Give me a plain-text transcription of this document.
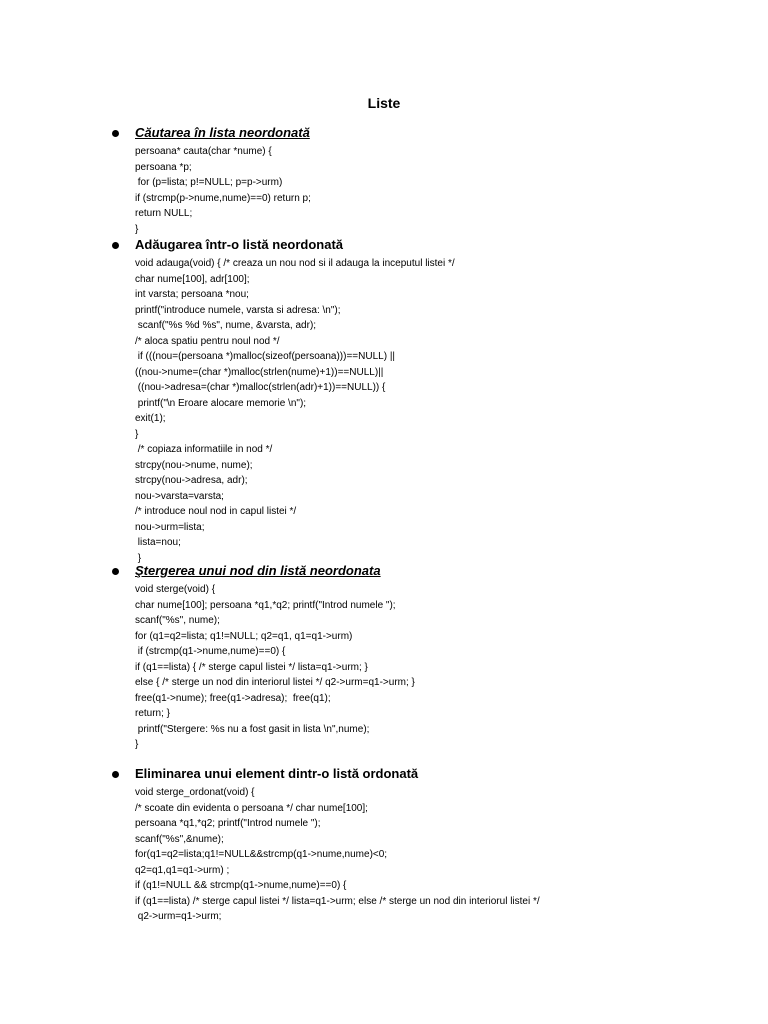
Liste
Căutarea în lista neordonată
persoana* cauta(char *nume) {
persoana *p;
for (p=lista; p!=NULL; p=p->urm)
if (strcmp(p->nume,nume)==0) return p;
return NULL;
}
Adăugarea într-o listă neordonată
void adauga(void) { /* creaza un nou nod si il adauga la inceputul listei */
char nume[100], adr[100];
int varsta; persoana *nou;
printf("introduce numele, varsta si adresa: \n");
scanf("%s %d %s", nume, &varsta, adr);
/* aloca spatiu pentru noul nod */
if (((nou=(persoana *)malloc(sizeof(persoana)))==NULL) ||
((nou->nume=(char *)malloc(strlen(nume)+1))==NULL)||
((nou->adresa=(char *)malloc(strlen(adr)+1))==NULL)) {
printf("\n Eroare alocare memorie \n");
exit(1);
}
/* copiaza informatiile in nod */
strcpy(nou->nume, nume);
strcpy(nou->adresa, adr);
nou->varsta=varsta;
/* introduce noul nod in capul listei */
nou->urm=lista;
lista=nou;
}
Ştergerea unui nod din listă neordonata
void sterge(void) {
char nume[100]; persoana *q1,*q2; printf("Introd numele ");
scanf("%s", nume);
for (q1=q2=lista; q1!=NULL; q2=q1, q1=q1->urm)
if (strcmp(q1->nume,nume)==0) {
if (q1==lista) { /* sterge capul listei */ lista=q1->urm; }
else { /* sterge un nod din interiorul listei */ q2->urm=q1->urm; }
free(q1->nume); free(q1->adresa);  free(q1);
return; }
printf("Stergere: %s nu a fost gasit in lista \n",nume);
}
Eliminarea unui element dintr-o listă ordonată
void sterge_ordonat(void) {
/* scoate din evidenta o persoana */ char nume[100];
persoana *q1,*q2; printf("Introd numele ");
scanf("%s",&nume);
for(q1=q2=lista;q1!=NULL&&strcmp(q1->nume,nume)<0;
q2=q1,q1=q1->urm) ;
if (q1!=NULL && strcmp(q1->nume,nume)==0) {
if (q1==lista) /* sterge capul listei */ lista=q1->urm; else /* sterge un nod din interiorul listei */
q2->urm=q1->urm;
